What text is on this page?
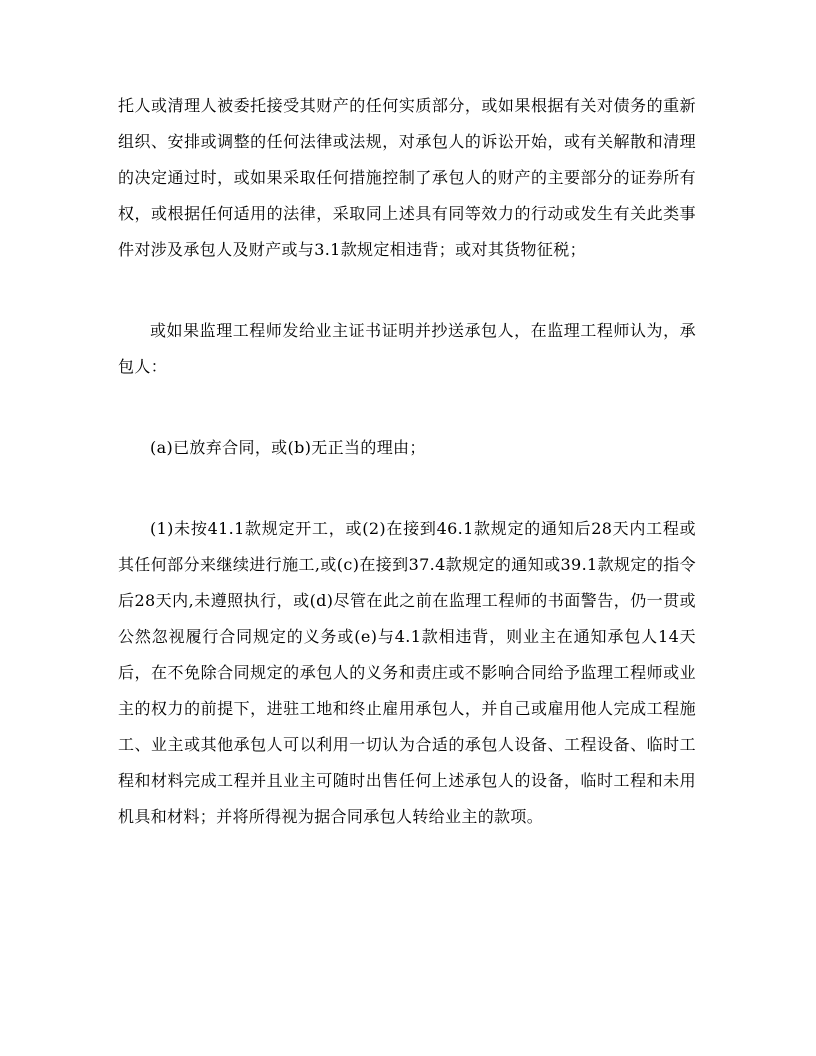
托人或清理人被委托接受其财产的任何实质部分，或如果根据有关对债务的重新组织、安排或调整的任何法律或法规，对承包人的诉讼开始，或有关解散和清理的决定通过时，或如果采取任何措施控制了承包人的财产的主要部分的证券所有权，或根据任何适用的法律，采取同上述具有同等效力的行动或发生有关此类事件对涉及承包人及财产或与3.1款规定相违背；或对其货物征税；

或如果监理工程师发给业主证书证明并抄送承包人，在监理工程师认为，承包人：

(a)已放弃合同，或(b)无正当的理由；

(1)未按41.1款规定开工，或(2)在接到46.1款规定的通知后28天内工程或其任何部分来继续进行施工,或(c)在接到37.4款规定的通知或39.1款规定的指令后28天内,未遵照执行，或(d)尽管在此之前在监理工程师的书面警告，仍一贯或公然忽视履行合同规定的义务或(e)与4.1款相违背，则业主在通知承包人14天后，在不免除合同规定的承包人的义务和责庄或不影响合同给予监理工程师或业主的权力的前提下，进驻工地和终止雇用承包人，并自己或雇用他人完成工程施工、业主或其他承包人可以利用一切认为合适的承包人设备、工程设备、临时工程和材料完成工程并且业主可随时出售任何上述承包人的设备，临时工程和未用机具和材料；并将所得视为据合同承包人转给业主的款项。
